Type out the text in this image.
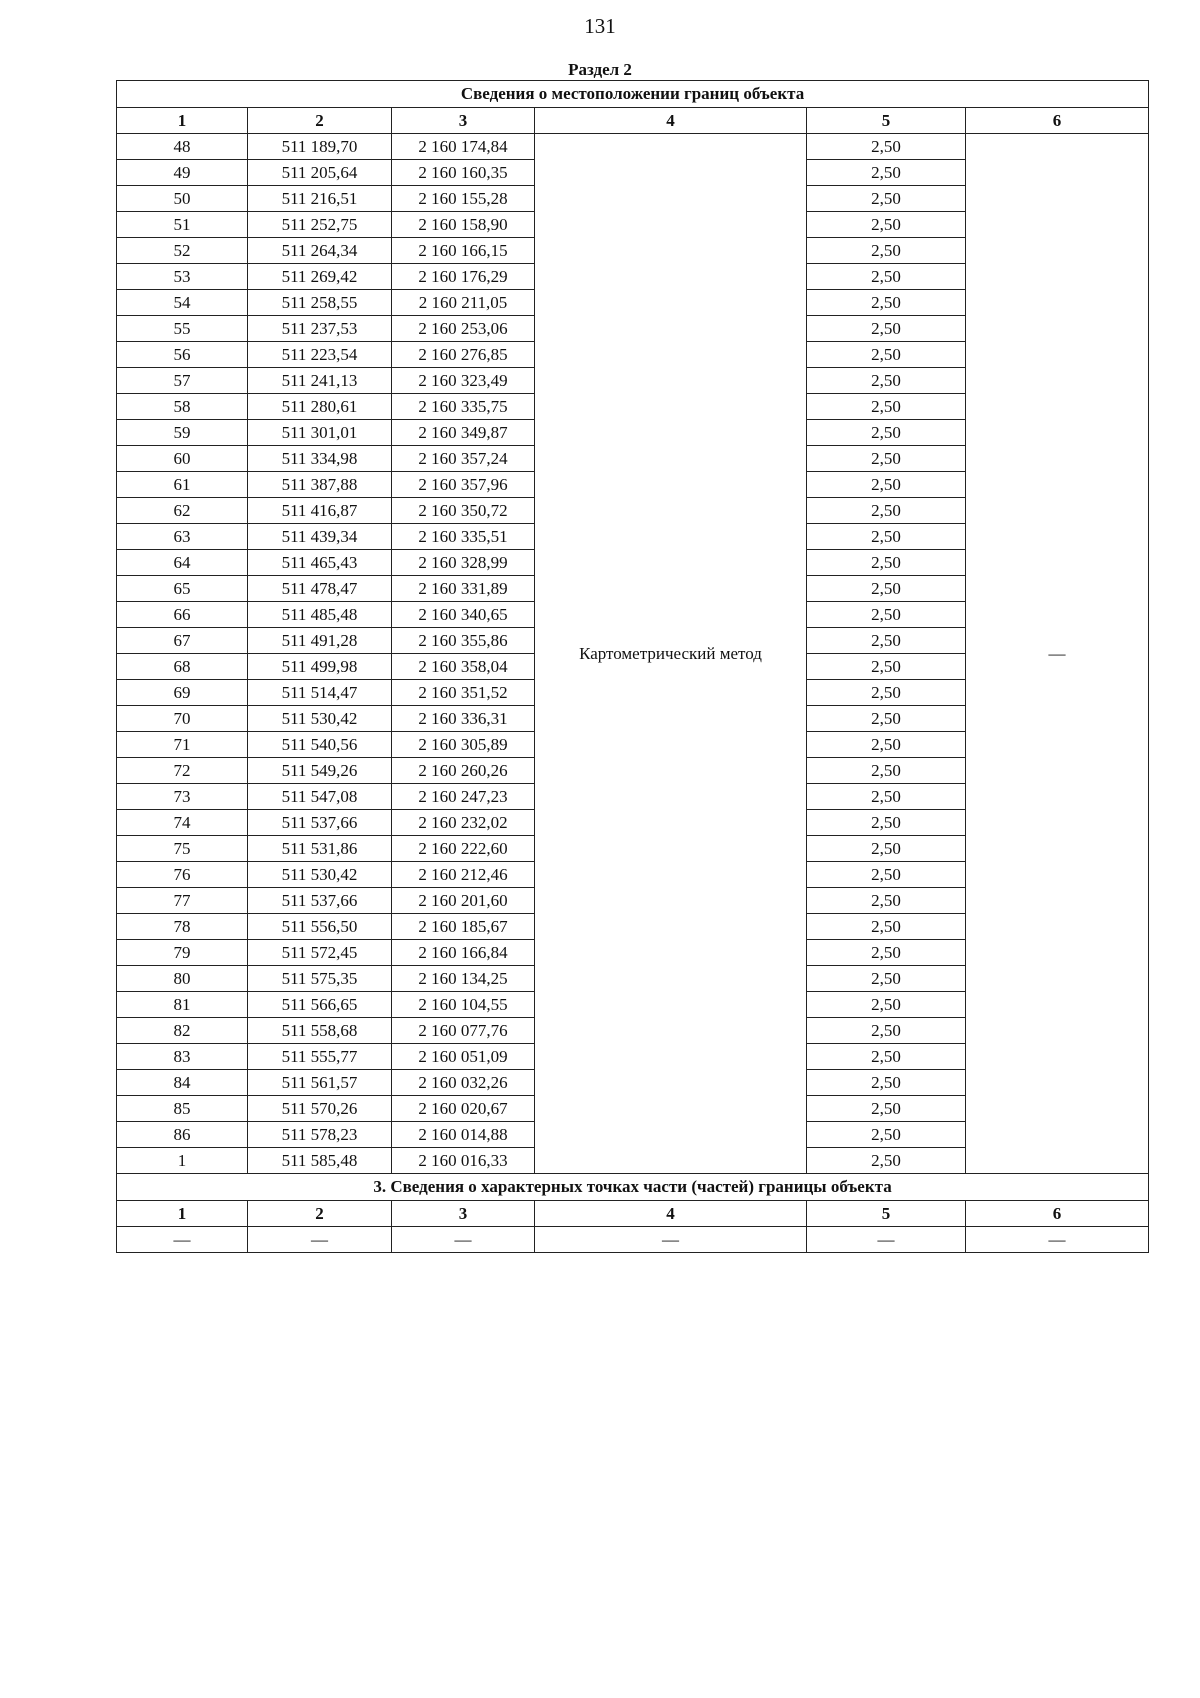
131
Раздел 2
Сведения о местоположении границ объекта					
1	2	3	4	5	6
48	511 189,70	2 160 174,84	Картометрический метод	2,50	—
49	511 205,64	2 160 160,35		2,50	
50	511 216,51	2 160 155,28		2,50	
51	511 252,75	2 160 158,90		2,50	
52	511 264,34	2 160 166,15		2,50	
53	511 269,42	2 160 176,29		2,50	
54	511 258,55	2 160 211,05		2,50	
55	511 237,53	2 160 253,06		2,50	
56	511 223,54	2 160 276,85		2,50	
57	511 241,13	2 160 323,49		2,50	
58	511 280,61	2 160 335,75		2,50	
59	511 301,01	2 160 349,87		2,50	
60	511 334,98	2 160 357,24		2,50	
61	511 387,88	2 160 357,96		2,50	
62	511 416,87	2 160 350,72		2,50	
63	511 439,34	2 160 335,51		2,50	
64	511 465,43	2 160 328,99		2,50	
65	511 478,47	2 160 331,89		2,50	
66	511 485,48	2 160 340,65		2,50	
67	511 491,28	2 160 355,86		2,50	
68	511 499,98	2 160 358,04		2,50	
69	511 514,47	2 160 351,52		2,50	
70	511 530,42	2 160 336,31		2,50	
71	511 540,56	2 160 305,89		2,50	
72	511 549,26	2 160 260,26		2,50	
73	511 547,08	2 160 247,23		2,50	
74	511 537,66	2 160 232,02		2,50	
75	511 531,86	2 160 222,60		2,50	
76	511 530,42	2 160 212,46		2,50	
77	511 537,66	2 160 201,60		2,50	
78	511 556,50	2 160 185,67		2,50	
79	511 572,45	2 160 166,84		2,50	
80	511 575,35	2 160 134,25		2,50	
81	511 566,65	2 160 104,55		2,50	
82	511 558,68	2 160 077,76		2,50	
83	511 555,77	2 160 051,09		2,50	
84	511 561,57	2 160 032,26		2,50	
85	511 570,26	2 160 020,67		2,50	
86	511 578,23	2 160 014,88		2,50	
1	511 585,48	2 160 016,33		2,50	
3. Сведения о характерных точках части (частей) границы объекта					
1	2	3	4	5	6
—	—	—	—	—	—
